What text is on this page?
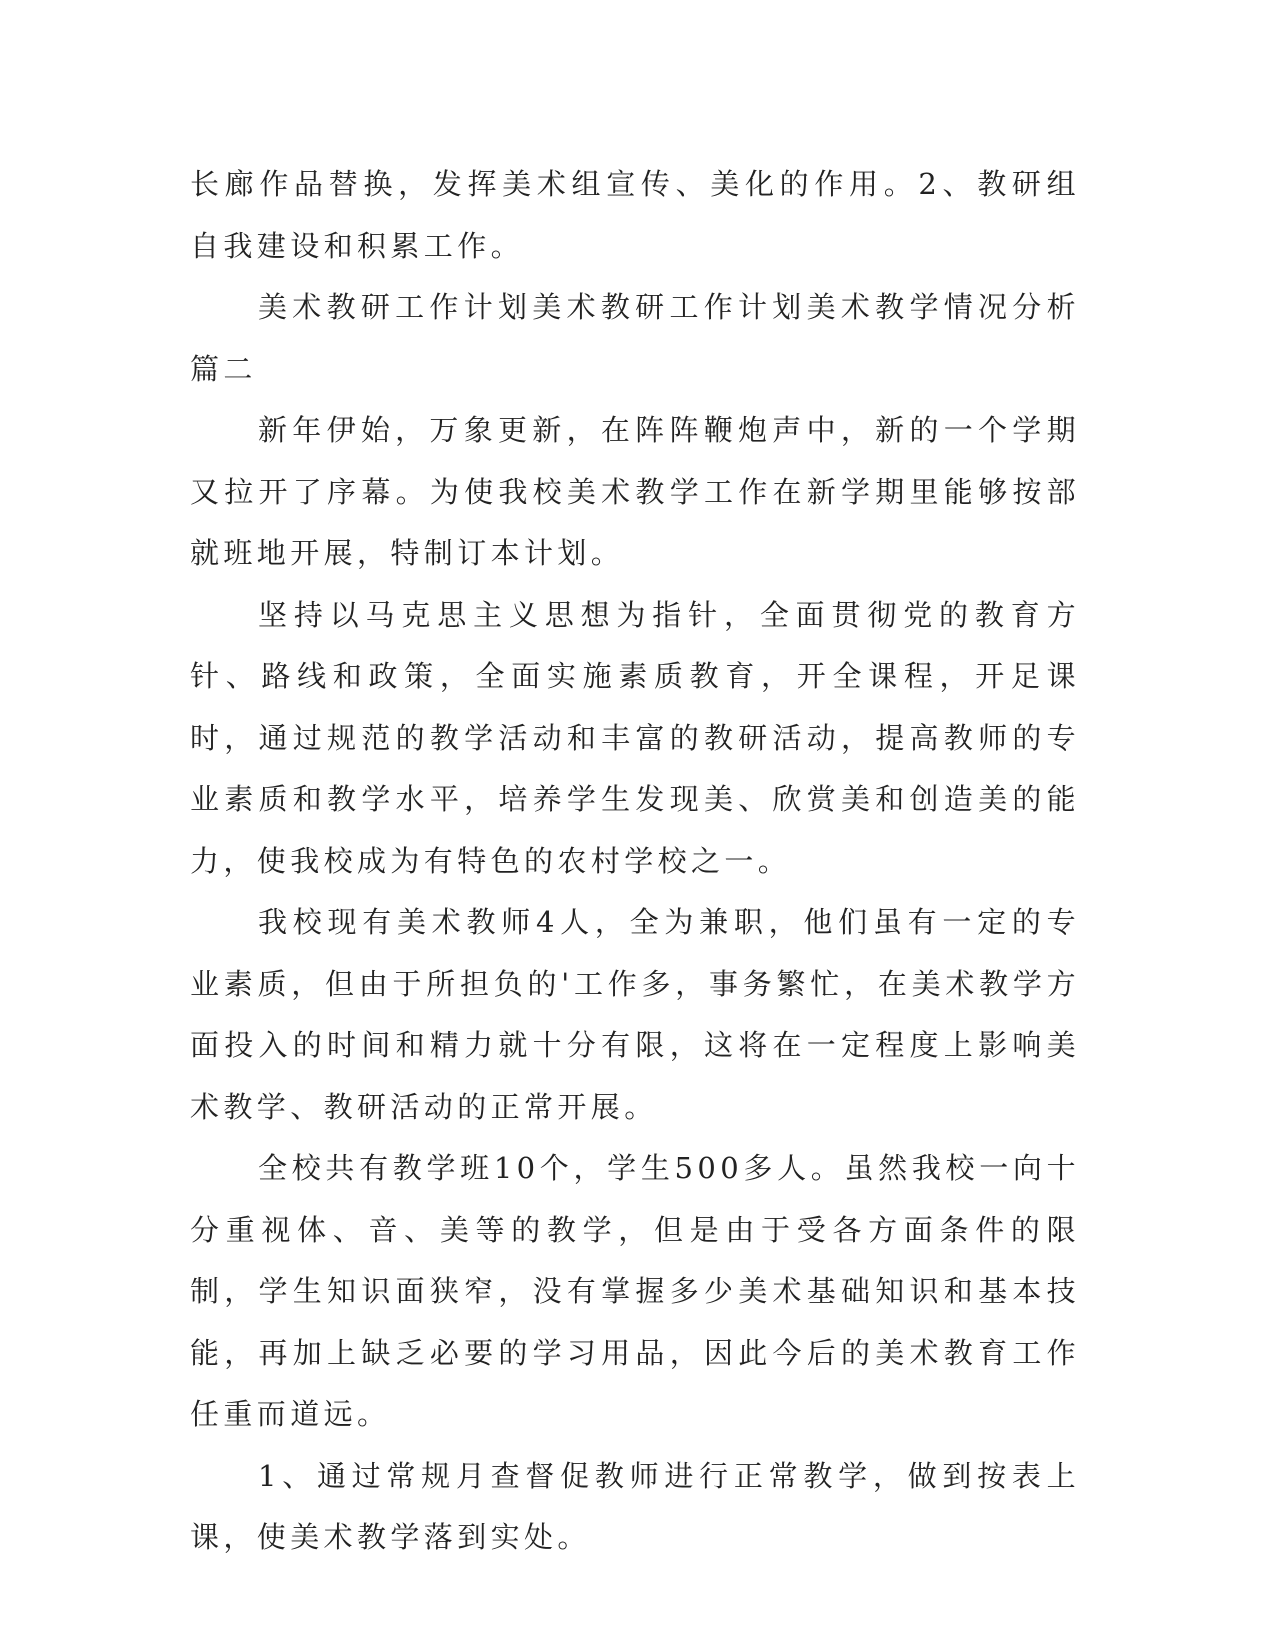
长廊作品替换，发挥美术组宣传、美化的作用。2、教研组自我建设和积累工作。

美术教研工作计划美术教研工作计划美术教学情况分析篇二

新年伊始，万象更新，在阵阵鞭炮声中，新的一个学期又拉开了序幕。为使我校美术教学工作在新学期里能够按部就班地开展，特制订本计划。

坚持以马克思主义思想为指针，全面贯彻党的教育方针、路线和政策，全面实施素质教育，开全课程，开足课时，通过规范的教学活动和丰富的教研活动，提高教师的专业素质和教学水平，培养学生发现美、欣赏美和创造美的能力，使我校成为有特色的农村学校之一。

我校现有美术教师4人，全为兼职，他们虽有一定的专业素质，但由于所担负的'工作多，事务繁忙，在美术教学方面投入的时间和精力就十分有限，这将在一定程度上影响美术教学、教研活动的正常开展。

全校共有教学班10个，学生500多人。虽然我校一向十分重视体、音、美等的教学，但是由于受各方面条件的限制，学生知识面狭窄，没有掌握多少美术基础知识和基本技能，再加上缺乏必要的学习用品，因此今后的美术教育工作任重而道远。

1、通过常规月查督促教师进行正常教学，做到按表上课，使美术教学落到实处。
